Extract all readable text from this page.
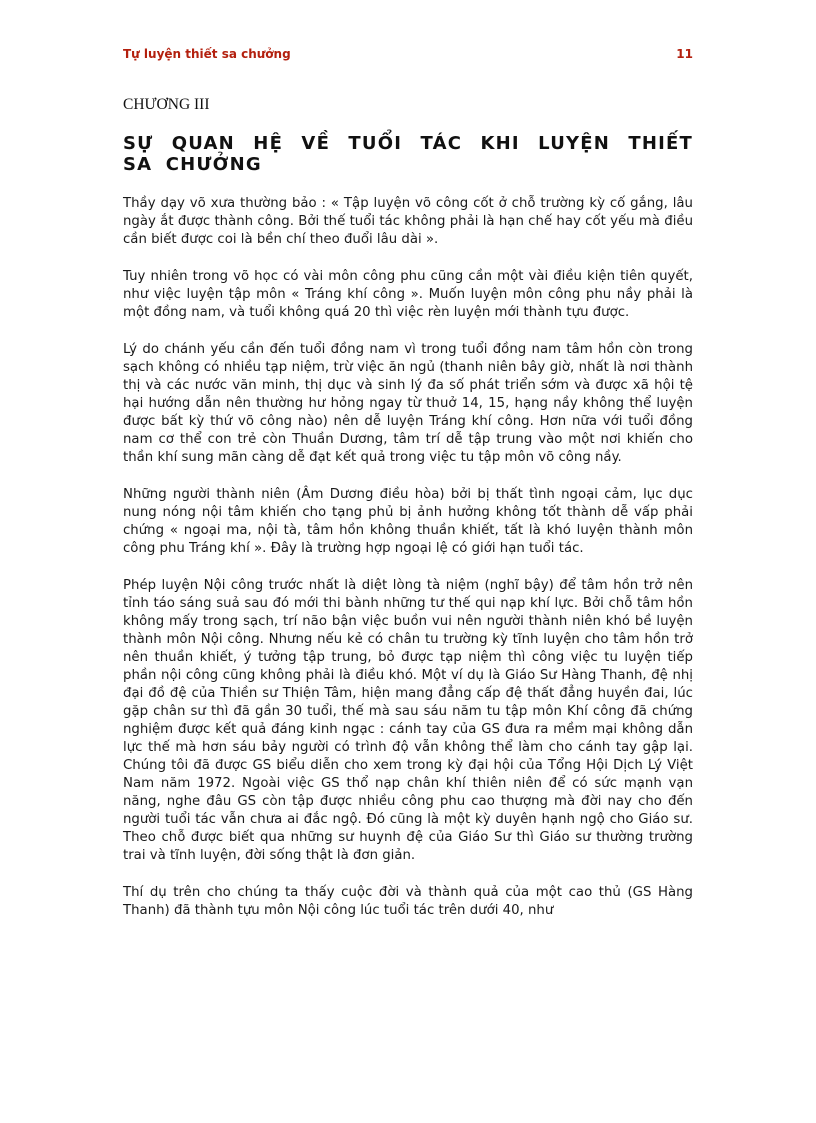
Tự luyện thiết sa chưởng	11
CHƯƠNG III
SỰ QUAN HỆ VỀ TUỔI TÁC KHI LUYỆN THIẾT SA CHƯỞNG

Thầy dạy võ xưa thường bảo : « Tập luyện võ công cốt ở chỗ trường kỳ cố gắng, lâu ngày ắt được thành công. Bởi thế tuổi tác không phải là hạn chế hay cốt yếu mà điều cần biết được coi là bền chí theo đuổi lâu dài ».

Tuy nhiên trong võ học có vài môn công phu cũng cần một vài điều kiện tiên quyết, như việc luyện tập môn « Tráng khí công ». Muốn luyện môn công phu nầy phải là một đồng nam, và tuổi không quá 20 thì việc rèn luyện mới thành tựu được.

Lý do chánh yếu cần đến tuổi đồng nam vì trong tuổi đồng nam tâm hồn còn trong sạch không có nhiều tạp niệm, trừ việc ăn ngủ (thanh niên bây giờ, nhất là nơi thành thị và các nước văn minh, thị dục và sinh lý đa số phát triển sớm và được xã hội tệ hại hướng dẫn nên thường hư hỏng ngay từ thuở 14, 15, hạng nầy không thể luyện được bất kỳ thứ võ công nào) nên dễ luyện Tráng khí công. Hơn nữa với tuổi đồng nam cơ thể con trẻ còn Thuần Dương, tâm trí dễ tập trung vào một nơi khiến cho thần khí sung mãn càng dễ đạt kết quả trong việc tu tập môn võ công nầy.

Những người thành niên (Âm Dương điều hòa) bởi bị thất tình ngoại cảm, lục dục nung nóng nội tâm khiến cho tạng phủ bị ảnh hưởng không tốt thành dễ vấp phải chứng « ngoại ma, nội tà, tâm hồn không thuần khiết, tất là khó luyện thành môn công phu Tráng khí ». Đây là trường hợp ngoại lệ có giới hạn tuổi tác.

Phép luyện Nội công trước nhất là diệt lòng tà niệm (nghĩ bậy) để tâm hồn trở nên tỉnh táo sáng suả sau đó mới thi bành những tư thế qui nạp khí lực. Bởi chỗ tâm hồn không mấy trong sạch, trí não bận việc buồn vui nên người thành niên khó bề luyện thành môn Nội công. Nhưng nếu kẻ có chân tu trường kỳ tĩnh luyện cho tâm hồn trở nên thuần khiết, ý tưởng tập trung, bỏ được tạp niệm thì công việc tu luyện tiếp phần nội công cũng không phải là điều khó. Một ví dụ là Giáo Sư Hàng Thanh, đệ nhị đại đồ đệ của Thiền sư Thiện Tâm, hiện mang đẳng cấp đệ thất đẳng huyền đai, lúc gặp chân sư thì đã gần 30 tuổi, thế mà sau sáu năm tu tập môn Khí công đã chứng nghiệm được kết quả đáng kinh ngạc : cánh tay của GS đưa ra mềm mại không dẫn lực thế mà hơn sáu bảy người có trình độ vẫn không thể làm cho cánh tay gập lại. Chúng tôi đã được GS biểu diễn cho xem trong kỳ đại hội của Tổng Hội Dịch Lý Việt Nam năm 1972. Ngoài việc GS thổ nạp chân khí thiên niên để có sức mạnh vạn năng, nghe đâu GS còn tập được nhiều công phu cao thượng mà đời nay cho đến người tuổi tác vẫn chưa ai đắc ngộ. Đó cũng là một kỳ duyên hạnh ngộ cho Giáo sư. Theo chỗ được biết qua những sư huynh đệ của Giáo Sư thì Giáo sư thường trường trai và tĩnh luyện, đời sống thật là đơn giản.

Thí dụ trên cho chúng ta thấy cuộc đời và thành quả của một cao thủ (GS Hàng Thanh) đã thành tựu môn Nội công lúc tuổi tác trên dưới 40, như
